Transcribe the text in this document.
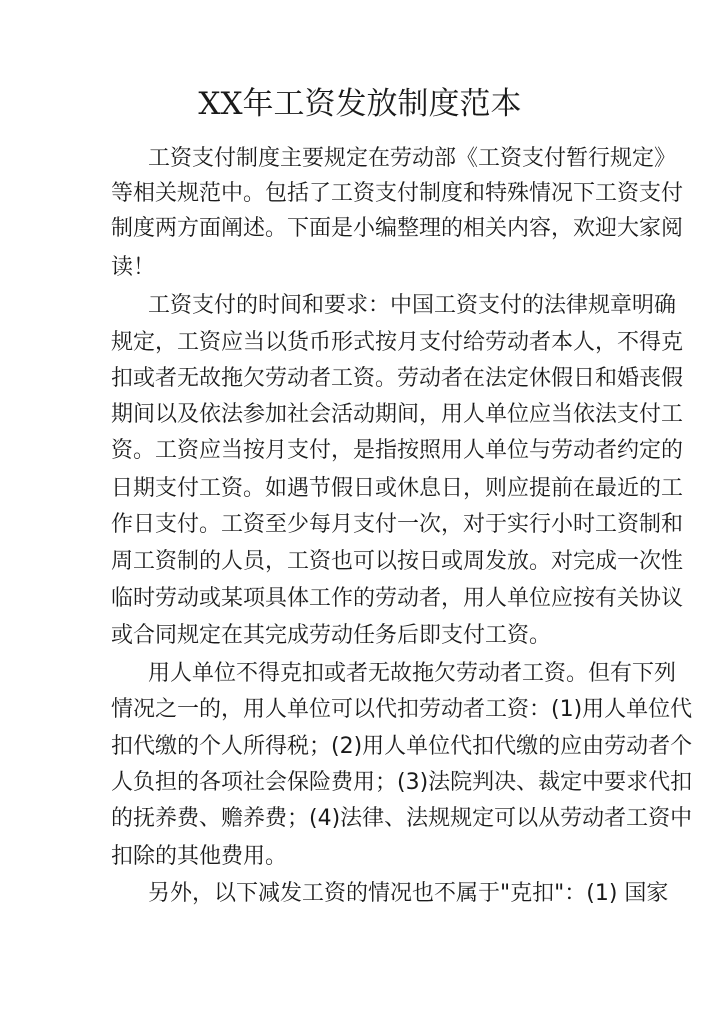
XX年工资发放制度范本
工资支付制度主要规定在劳动部《工资支付暂行规定》
等相关规范中。包括了工资支付制度和特殊情况下工资支付
制度两方面阐述。下面是小编整理的相关内容，欢迎大家阅
读！
工资支付的时间和要求：中国工资支付的法律规章明确
规定，工资应当以货币形式按月支付给劳动者本人，不得克
扣或者无故拖欠劳动者工资。劳动者在法定休假日和婚丧假
期间以及依法参加社会活动期间，用人单位应当依法支付工
资。工资应当按月支付，是指按照用人单位与劳动者约定的
日期支付工资。如遇节假日或休息日，则应提前在最近的工
作日支付。工资至少每月支付一次，对于实行小时工资制和
周工资制的人员，工资也可以按日或周发放。对完成一次性
临时劳动或某项具体工作的劳动者，用人单位应按有关协议
或合同规定在其完成劳动任务后即支付工资。
用人单位不得克扣或者无故拖欠劳动者工资。但有下列
情况之一的，用人单位可以代扣劳动者工资：(1)用人单位代
扣代缴的个人所得税；(2)用人单位代扣代缴的应由劳动者个
人负担的各项社会保险费用；(3)法院判决、裁定中要求代扣
的抚养费、赡养费；(4)法律、法规规定可以从劳动者工资中
扣除的其他费用。
另外，以下减发工资的情况也不属于"克扣"：(1) 国家
